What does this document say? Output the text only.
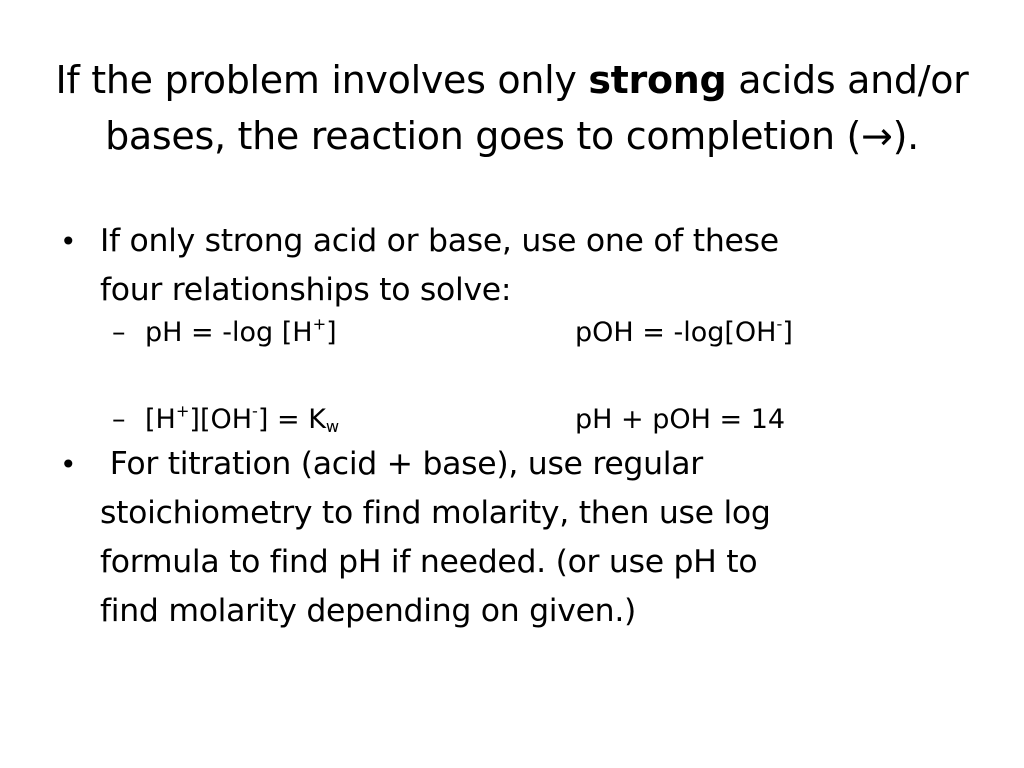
If the problem involves only strong acids and/or
bases, the reaction goes to completion (→).
• If only strong acid or base, use one of these
four relationships to solve:
– pH = -log [H+]	pOH = -log[OH-]
– $[H^+][OH^-] = K_w$	pH + pOH = 14
• For titration (acid + base), use regular
stoichiometry to find molarity, then use log
formula to find pH if needed. (or use pH to
find molarity depending on given.)
